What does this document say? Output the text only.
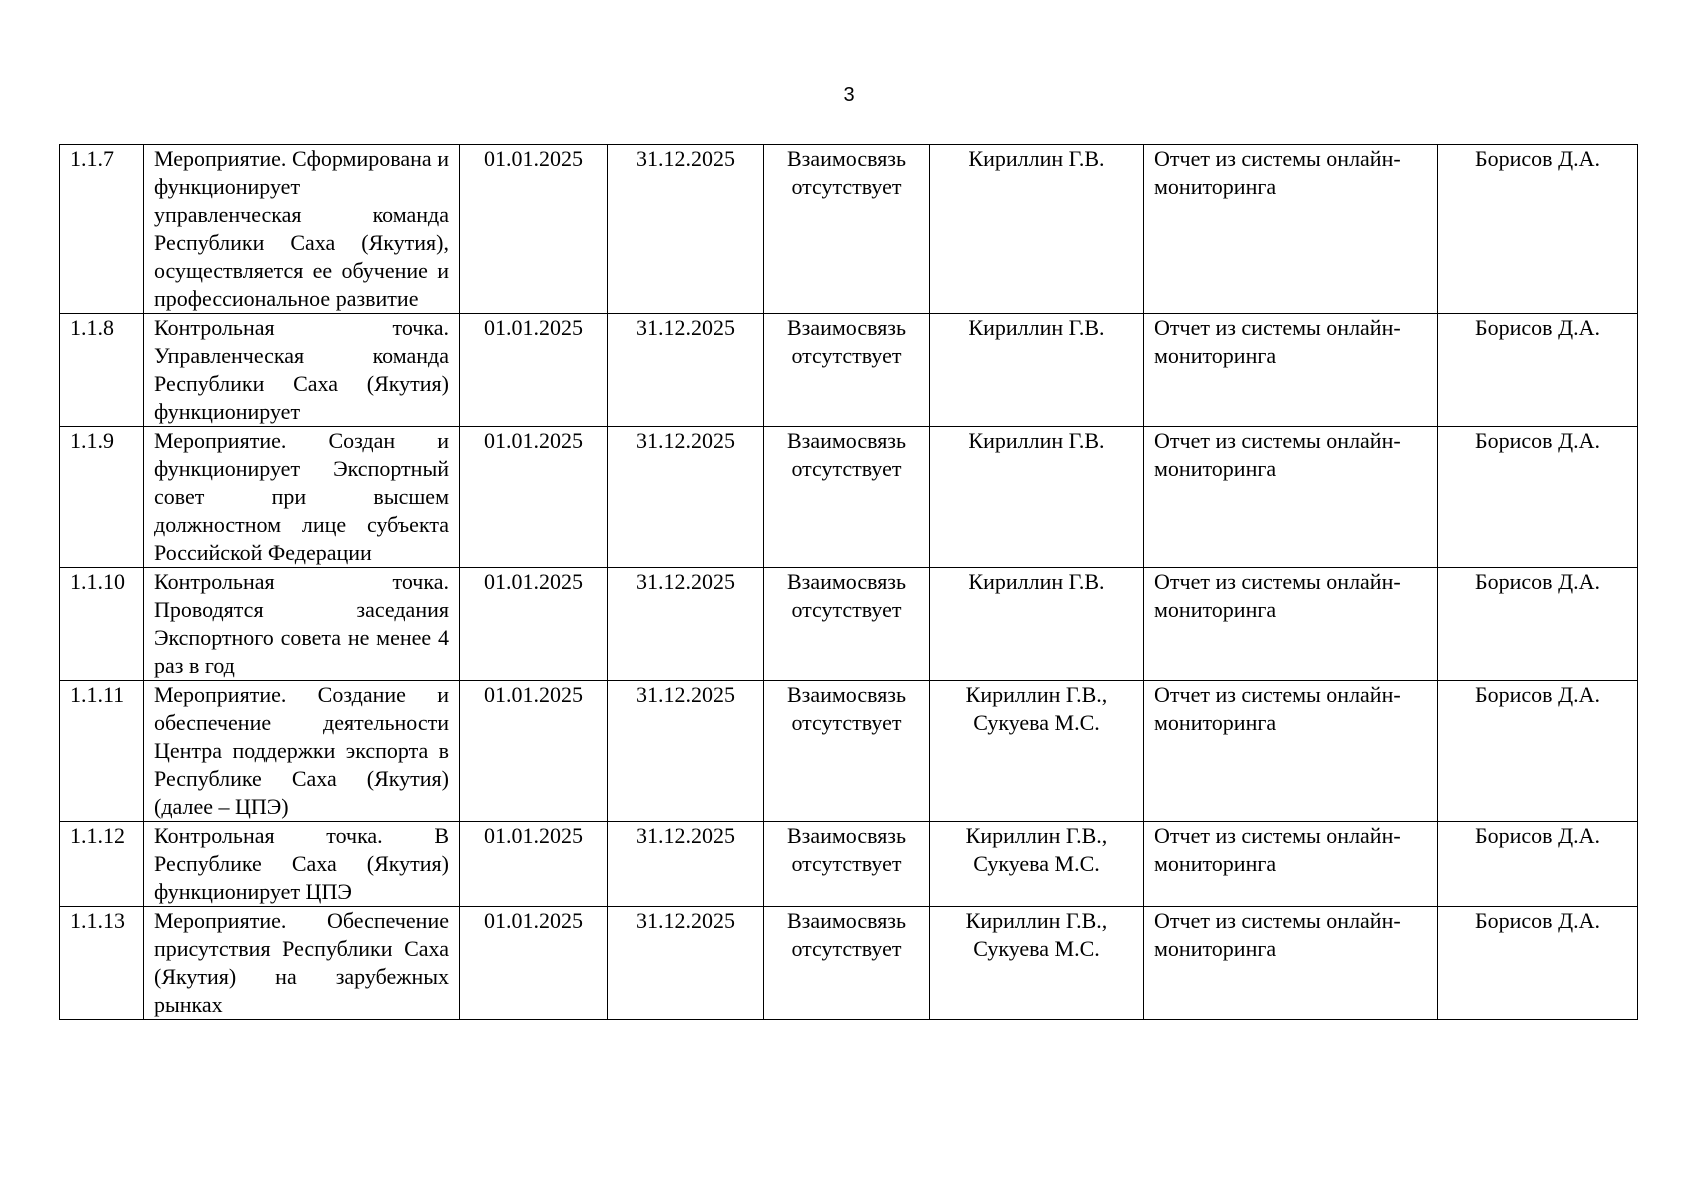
3
1.1.7	Мероприятие. Сформирована и функционирует управленческая команда Республики Саха (Якутия), осуществляется ее обучение и профессиональное развитие	01.01.2025	31.12.2025	Взаимосвязь отсутствует	Кириллин Г.В.	Отчет из системы онлайн-мониторинга	Борисов Д.А.
1.1.8	Контрольная точка. Управленческая команда Республики Саха (Якутия) функционирует	01.01.2025	31.12.2025	Взаимосвязь отсутствует	Кириллин Г.В.	Отчет из системы онлайн-мониторинга	Борисов Д.А.
1.1.9	Мероприятие. Создан и функционирует Экспортный совет при высшем должностном лице субъекта Российской Федерации	01.01.2025	31.12.2025	Взаимосвязь отсутствует	Кириллин Г.В.	Отчет из системы онлайн-мониторинга	Борисов Д.А.
1.1.10	Контрольная точка. Проводятся заседания Экспортного совета не менее 4 раз в год	01.01.2025	31.12.2025	Взаимосвязь отсутствует	Кириллин Г.В.	Отчет из системы онлайн-мониторинга	Борисов Д.А.
1.1.11	Мероприятие. Создание и обеспечение деятельности Центра поддержки экспорта в Республике Саха (Якутия) (далее – ЦПЭ)	01.01.2025	31.12.2025	Взаимосвязь отсутствует	Кириллин Г.В., Сукуева М.С.	Отчет из системы онлайн-мониторинга	Борисов Д.А.
1.1.12	Контрольная точка. В Республике Саха (Якутия) функционирует ЦПЭ	01.01.2025	31.12.2025	Взаимосвязь отсутствует	Кириллин Г.В., Сукуева М.С.	Отчет из системы онлайн-мониторинга	Борисов Д.А.
1.1.13	Мероприятие. Обеспечение присутствия Республики Саха (Якутия) на зарубежных рынках	01.01.2025	31.12.2025	Взаимосвязь отсутствует	Кириллин Г.В., Сукуева М.С.	Отчет из системы онлайн-мониторинга	Борисов Д.А.
